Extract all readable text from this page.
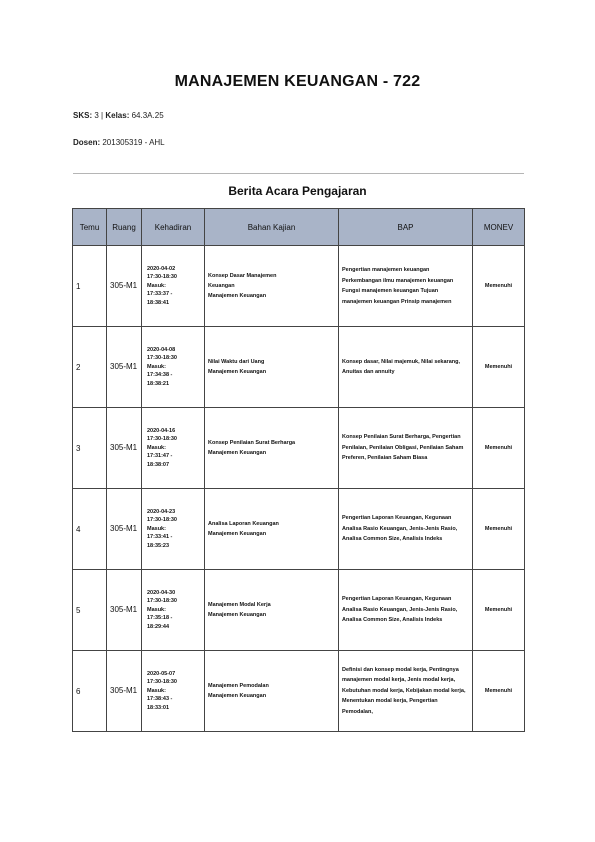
MANAJEMEN KEUANGAN - 722
SKS: 3 | Kelas: 64.3A.25
Dosen: 201305319 - AHL
Berita Acara Pengajaran
Temu	Ruang	Kehadiran	Bahan Kajian	BAP	MONEV
1	305-M1	2020-04-02
17:30-18:30
Masuk:
17:33:37 -
18:38:41	Konsep Dasar Manajemen
Keuangan
Manajemen Keuangan	Pengertian manajemen keuangan Perkembangan ilmu manajemen keuangan Fungsi manajemen keuangan Tujuan manajemen keuangan Prinsip manajemen	Memenuhi
2	305-M1	2020-04-08
17:30-18:30
Masuk:
17:34:38 -
18:38:21	Nilai Waktu dari Uang
Manajemen Keuangan	Konsep dasar, Nilai majemuk, Nilai sekarang, Anuitas dan annuity	Memenuhi
3	305-M1	2020-04-16
17:30-18:30
Masuk:
17:31:47 -
18:38:07	Konsep Penilaian Surat Berharga
Manajemen Keuangan	Konsep Penilaian Surat Berharga, Pengertian Penilaian, Penilaian Obligasi, Penilaian Saham Preferen, Penilaian Saham Biasa	Memenuhi
4	305-M1	2020-04-23
17:30-18:30
Masuk:
17:33:41 -
18:35:23	Analisa Laporan Keuangan
Manajemen Keuangan	Pengertian Laporan Keuangan, Kegunaan Analisa Rasio Keuangan, Jenis-Jenis Rasio, Analisa Common Size, Analisis Indeks	Memenuhi
5	305-M1	2020-04-30
17:30-18:30
Masuk:
17:35:18 -
18:29:44	Manajemen Modal Kerja
Manajemen Keuangan	Pengertian Laporan Keuangan, Kegunaan Analisa Rasio Keuangan, Jenis-Jenis Rasio, Analisa Common Size, Analisis Indeks	Memenuhi
6	305-M1	2020-05-07
17:30-18:30
Masuk:
17:38:43 -
18:33:01	Manajemen Pemodalan
Manajemen Keuangan	Definisi dan konsep modal kerja, Pentingnya manajemen modal kerja, Jenis modal kerja, Kebutuhan modal kerja, Kebijakan modal kerja, Menentukan modal kerja, Pengertian Pemodalan,	Memenuhi
